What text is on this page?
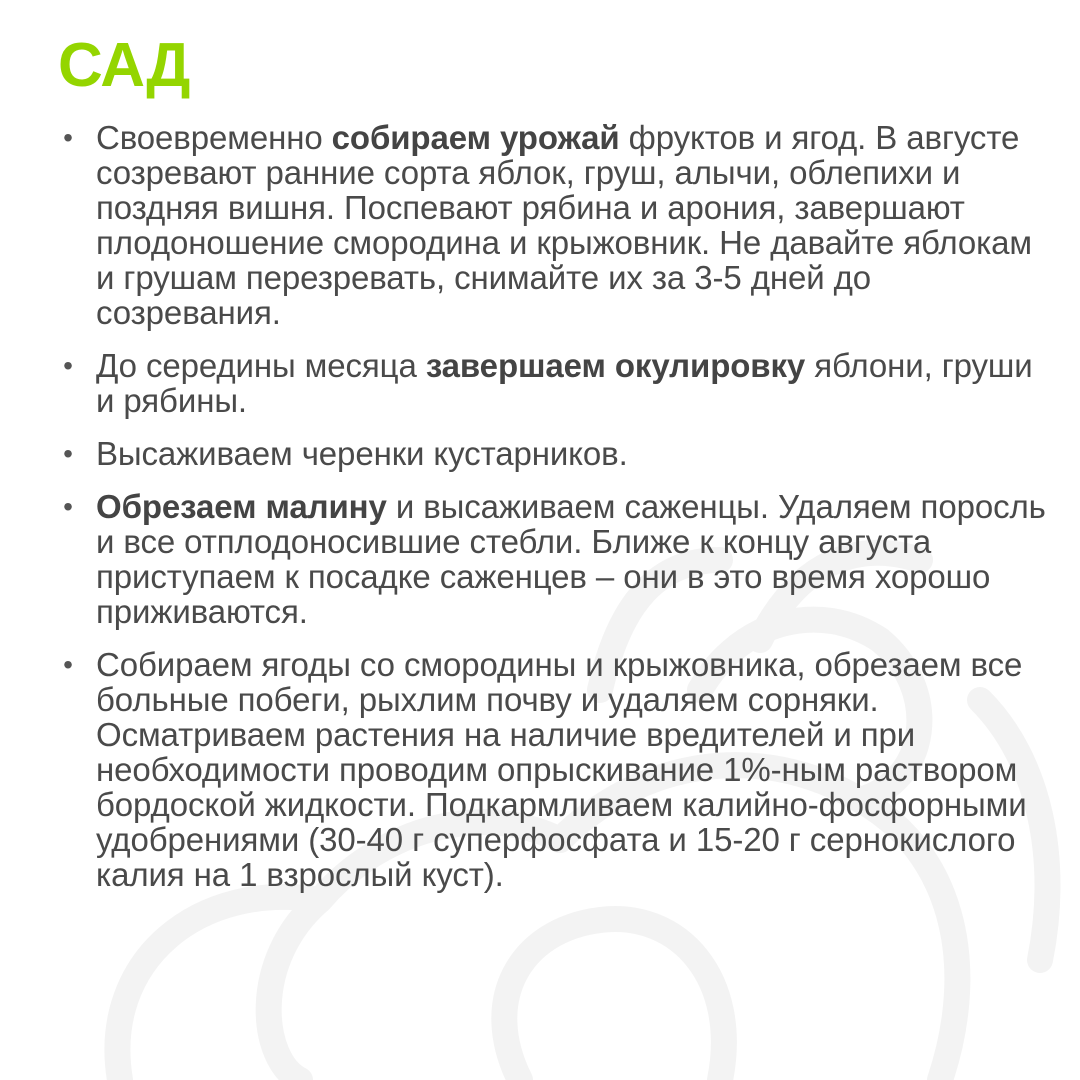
САД
• Своевременно собираем урожай фруктов и ягод. В августе созревают ранние сорта яблок, груш, алычи, облепихи и поздняя вишня. Поспевают рябина и арония, завершают плодоношение смородина и крыжовник. Не давайте яблокам и грушам перезревать, снимайте их за 3-5 дней до созревания.
• До середины месяца завершаем окулировку яблони, груши и рябины.
• Высаживаем черенки кустарников.
• Обрезаем малину и высаживаем саженцы. Удаляем поросль и все отплодоносившие стебли. Ближе к концу августа приступаем к посадке саженцев – они в это время хорошо приживаются.
• Собираем ягоды со смородины и крыжовника, обрезаем все больные побеги, рыхлим почву и удаляем сорняки. Осматриваем растения на наличие вредителей и при необходимости проводим опрыскивание 1%-ным раствором бордоской жидкости. Подкармливаем калийно-фосфорными удобрениями (30-40 г суперфосфата и 15-20 г сернокислого калия на 1 взрослый куст).
